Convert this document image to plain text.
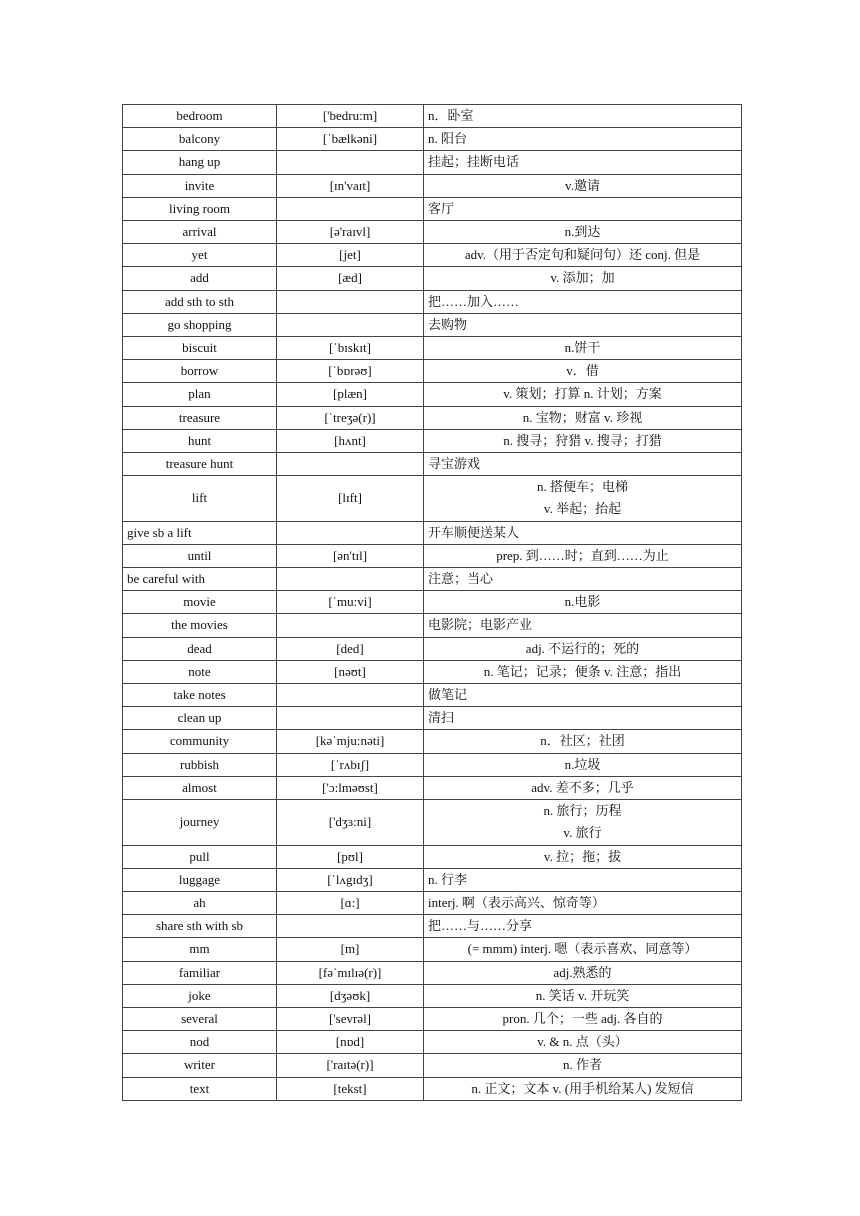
bedroom	['bedru:m]	n．卧室

balcony	[ˈbælkəni]	n. 阳台

hang up		挂起；挂断电话

invite	[ɪn'vaɪt]	v.邀请

living room		客厅

arrival	[ə'raɪvl]	n.到达

yet	[jet]	adv.（用于否定句和疑问句）还 conj. 但是

add	[æd]	v. 添加；加

add sth to sth		把……加入……

go shopping		去购物

biscuit	[ˈbɪskɪt]	n.饼干

borrow	[ˈbɒrəʊ]	v．借

plan	[plæn]	v. 策划；打算 n. 计划；方案

treasure	[ˈtreʒə(r)]	n. 宝物；财富 v. 珍视

hunt	[hʌnt]	n. 搜寻；狩猎 v. 搜寻；打猎

treasure hunt		寻宝游戏

lift	[lɪft]	n. 搭便车；电梯
v. 举起；抬起

give sb a lift		开车顺便送某人

until	[ən'tɪl]	prep. 到……时；直到……为止

be careful with		注意；当心

movie	[ˈmu:vi]	n.电影

the movies		电影院；电影产业

dead	[ded]	adj. 不运行的；死的

note	[nəʊt]	n. 笔记；记录；便条 v. 注意；指出

take notes		做笔记

clean up		清扫

community	[kəˈmju:nəti]	n．社区；社团

rubbish	[ˈrʌbɪʃ]	n.垃圾

almost	['ɔ:lməʊst]	adv. 差不多；几乎

journey	['dʒɜ:ni]	n. 旅行；历程
v. 旅行

pull	[pʊl]	v. 拉；拖；拔

luggage	[ˈlʌgɪdʒ]	n. 行李

ah	[ɑ:]	interj. 啊（表示高兴、惊奇等）

share sth with sb		把……与……分享

mm	[m]	(= mmm) interj. 嗯（表示喜欢、同意等）

familiar	[fəˈmɪlɪə(r)]	adj.熟悉的

joke	[dʒəʊk]	n. 笑话 v. 开玩笑

several	['sevrəl]	pron. 几个；一些 adj. 各自的

nod	[nɒd]	v. & n. 点（头）

writer	['raɪtə(r)]	n. 作者

text	[tekst]	n. 正文；文本 v. (用手机给某人) 发短信
